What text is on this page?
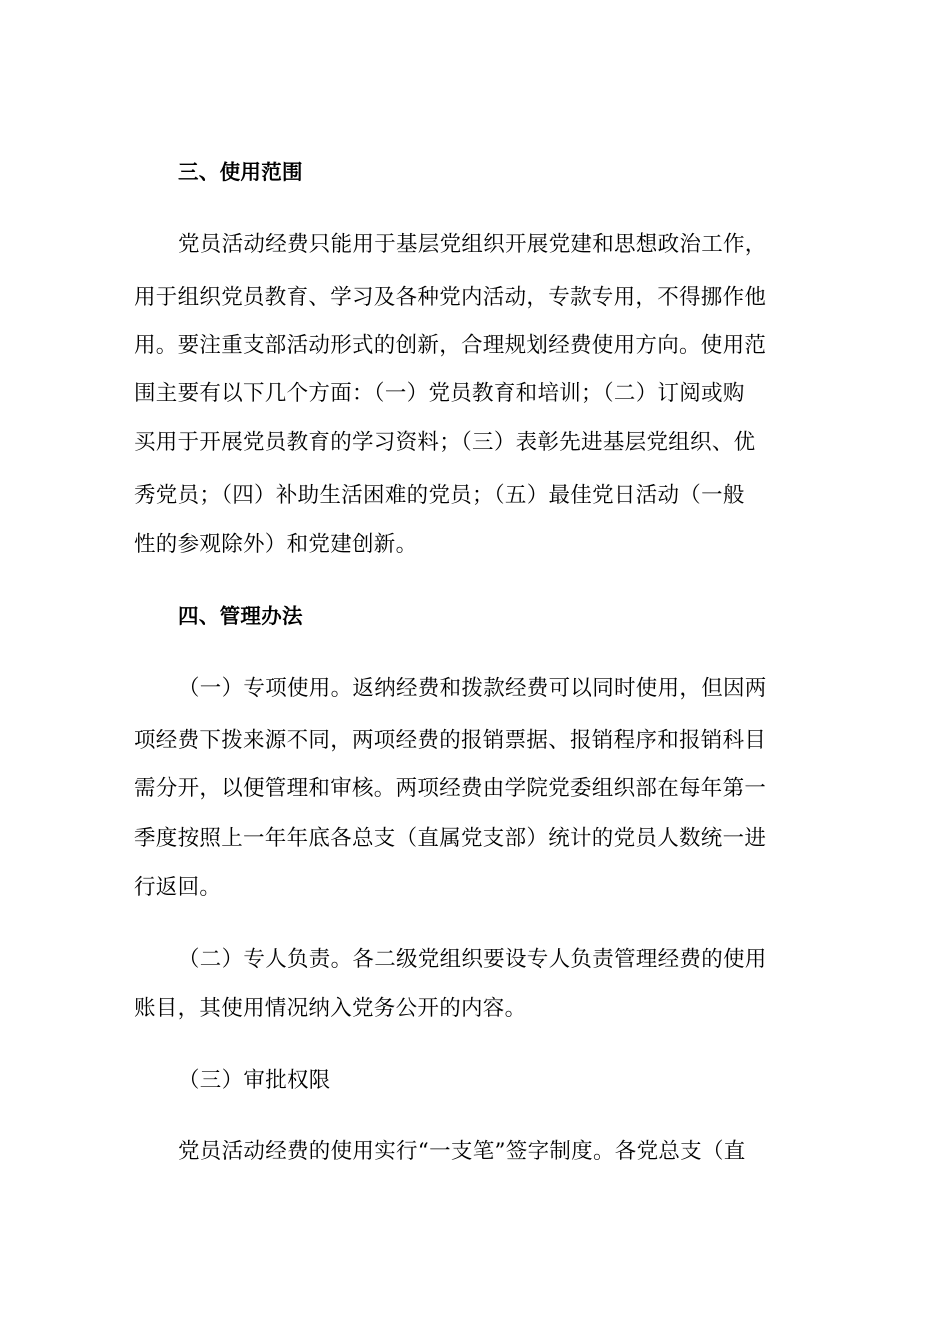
三、使用范围
党员活动经费只能用于基层党组织开展党建和思想政治工作，
用于组织党员教育、学习及各种党内活动，专款专用，不得挪作他
用。要注重支部活动形式的创新，合理规划经费使用方向。使用范
围主要有以下几个方面：（一）党员教育和培训；（二）订阅或购
买用于开展党员教育的学习资料；（三）表彰先进基层党组织、优
秀党员；（四）补助生活困难的党员；（五）最佳党日活动（一般
性的参观除外）和党建创新。
四、管理办法
（一）专项使用。返纳经费和拨款经费可以同时使用，但因两
项经费下拨来源不同，两项经费的报销票据、报销程序和报销科目
需分开，以便管理和审核。两项经费由学院党委组织部在每年第一
季度按照上一年年底各总支（直属党支部）统计的党员人数统一进
行返回。
（二）专人负责。各二级党组织要设专人负责管理经费的使用
账目，其使用情况纳入党务公开的内容。
（三）审批权限
党员活动经费的使用实行“一支笔”签字制度。各党总支（直
